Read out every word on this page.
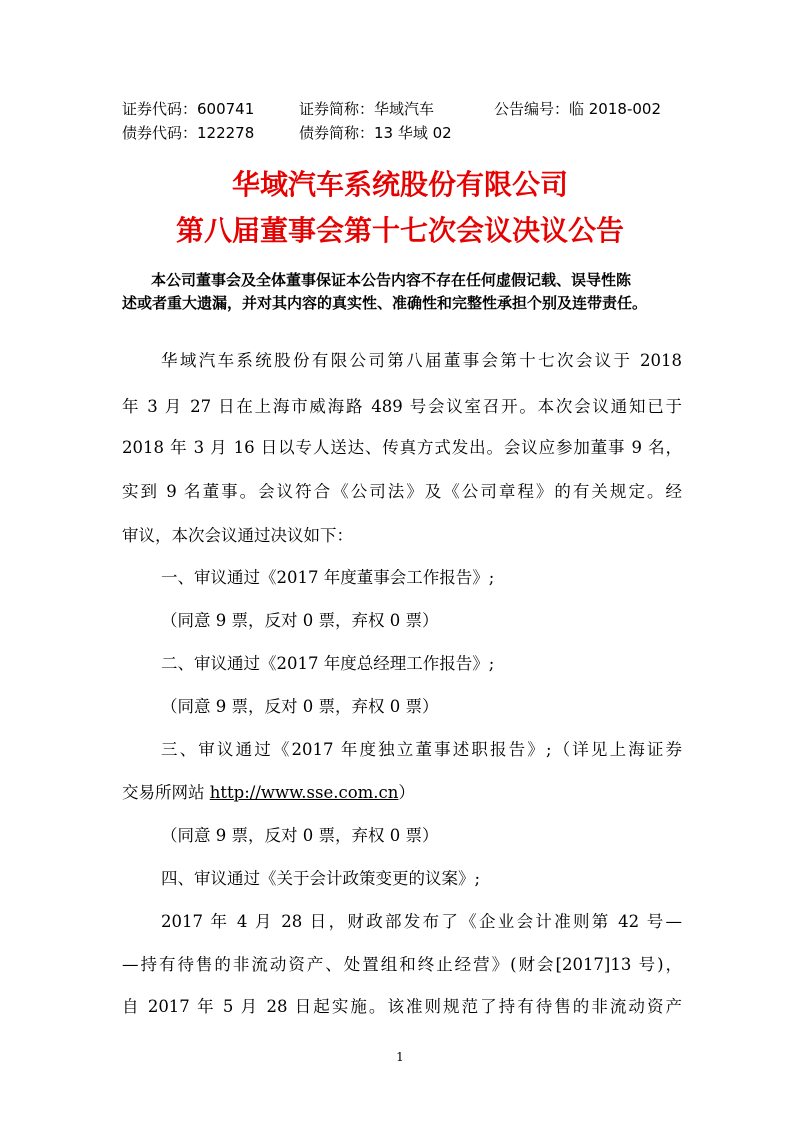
证券代码：600741	证券简称：华域汽车	公告编号：临 2018-002
债券代码：122278	债券简称：13 华域 02
华域汽车系统股份有限公司
第八届董事会第十七次会议决议公告
本公司董事会及全体董事保证本公告内容不存在任何虚假记载、误导性陈
述或者重大遗漏，并对其内容的真实性、准确性和完整性承担个别及连带责任。
华域汽车系统股份有限公司第八届董事会第十七次会议于 2018
年 3 月 27 日在上海市威海路 489 号会议室召开。本次会议通知已于
2018 年 3 月 16 日以专人送达、传真方式发出。会议应参加董事 9 名，
实到 9 名董事。会议符合《公司法》及《公司章程》的有关规定。经
审议，本次会议通过决议如下：
一、审议通过《2017 年度董事会工作报告》;
（同意 9 票，反对 0 票，弃权 0 票）
二、审议通过《2017 年度总经理工作报告》;
（同意 9 票，反对 0 票，弃权 0 票）
三、审议通过《2017 年度独立董事述职报告》;（详见上海证券
交易所网站 http://www.sse.com.cn）
（同意 9 票，反对 0 票，弃权 0 票）
四、审议通过《关于会计政策变更的议案》;
2017 年 4 月 28 日，财政部发布了《企业会计准则第 42 号—
—持有待售的非流动资产、处置组和终止经营》(财会[2017]13 号)，
自 2017 年 5 月 28 日起实施。该准则规范了持有待售的非流动资产
1
